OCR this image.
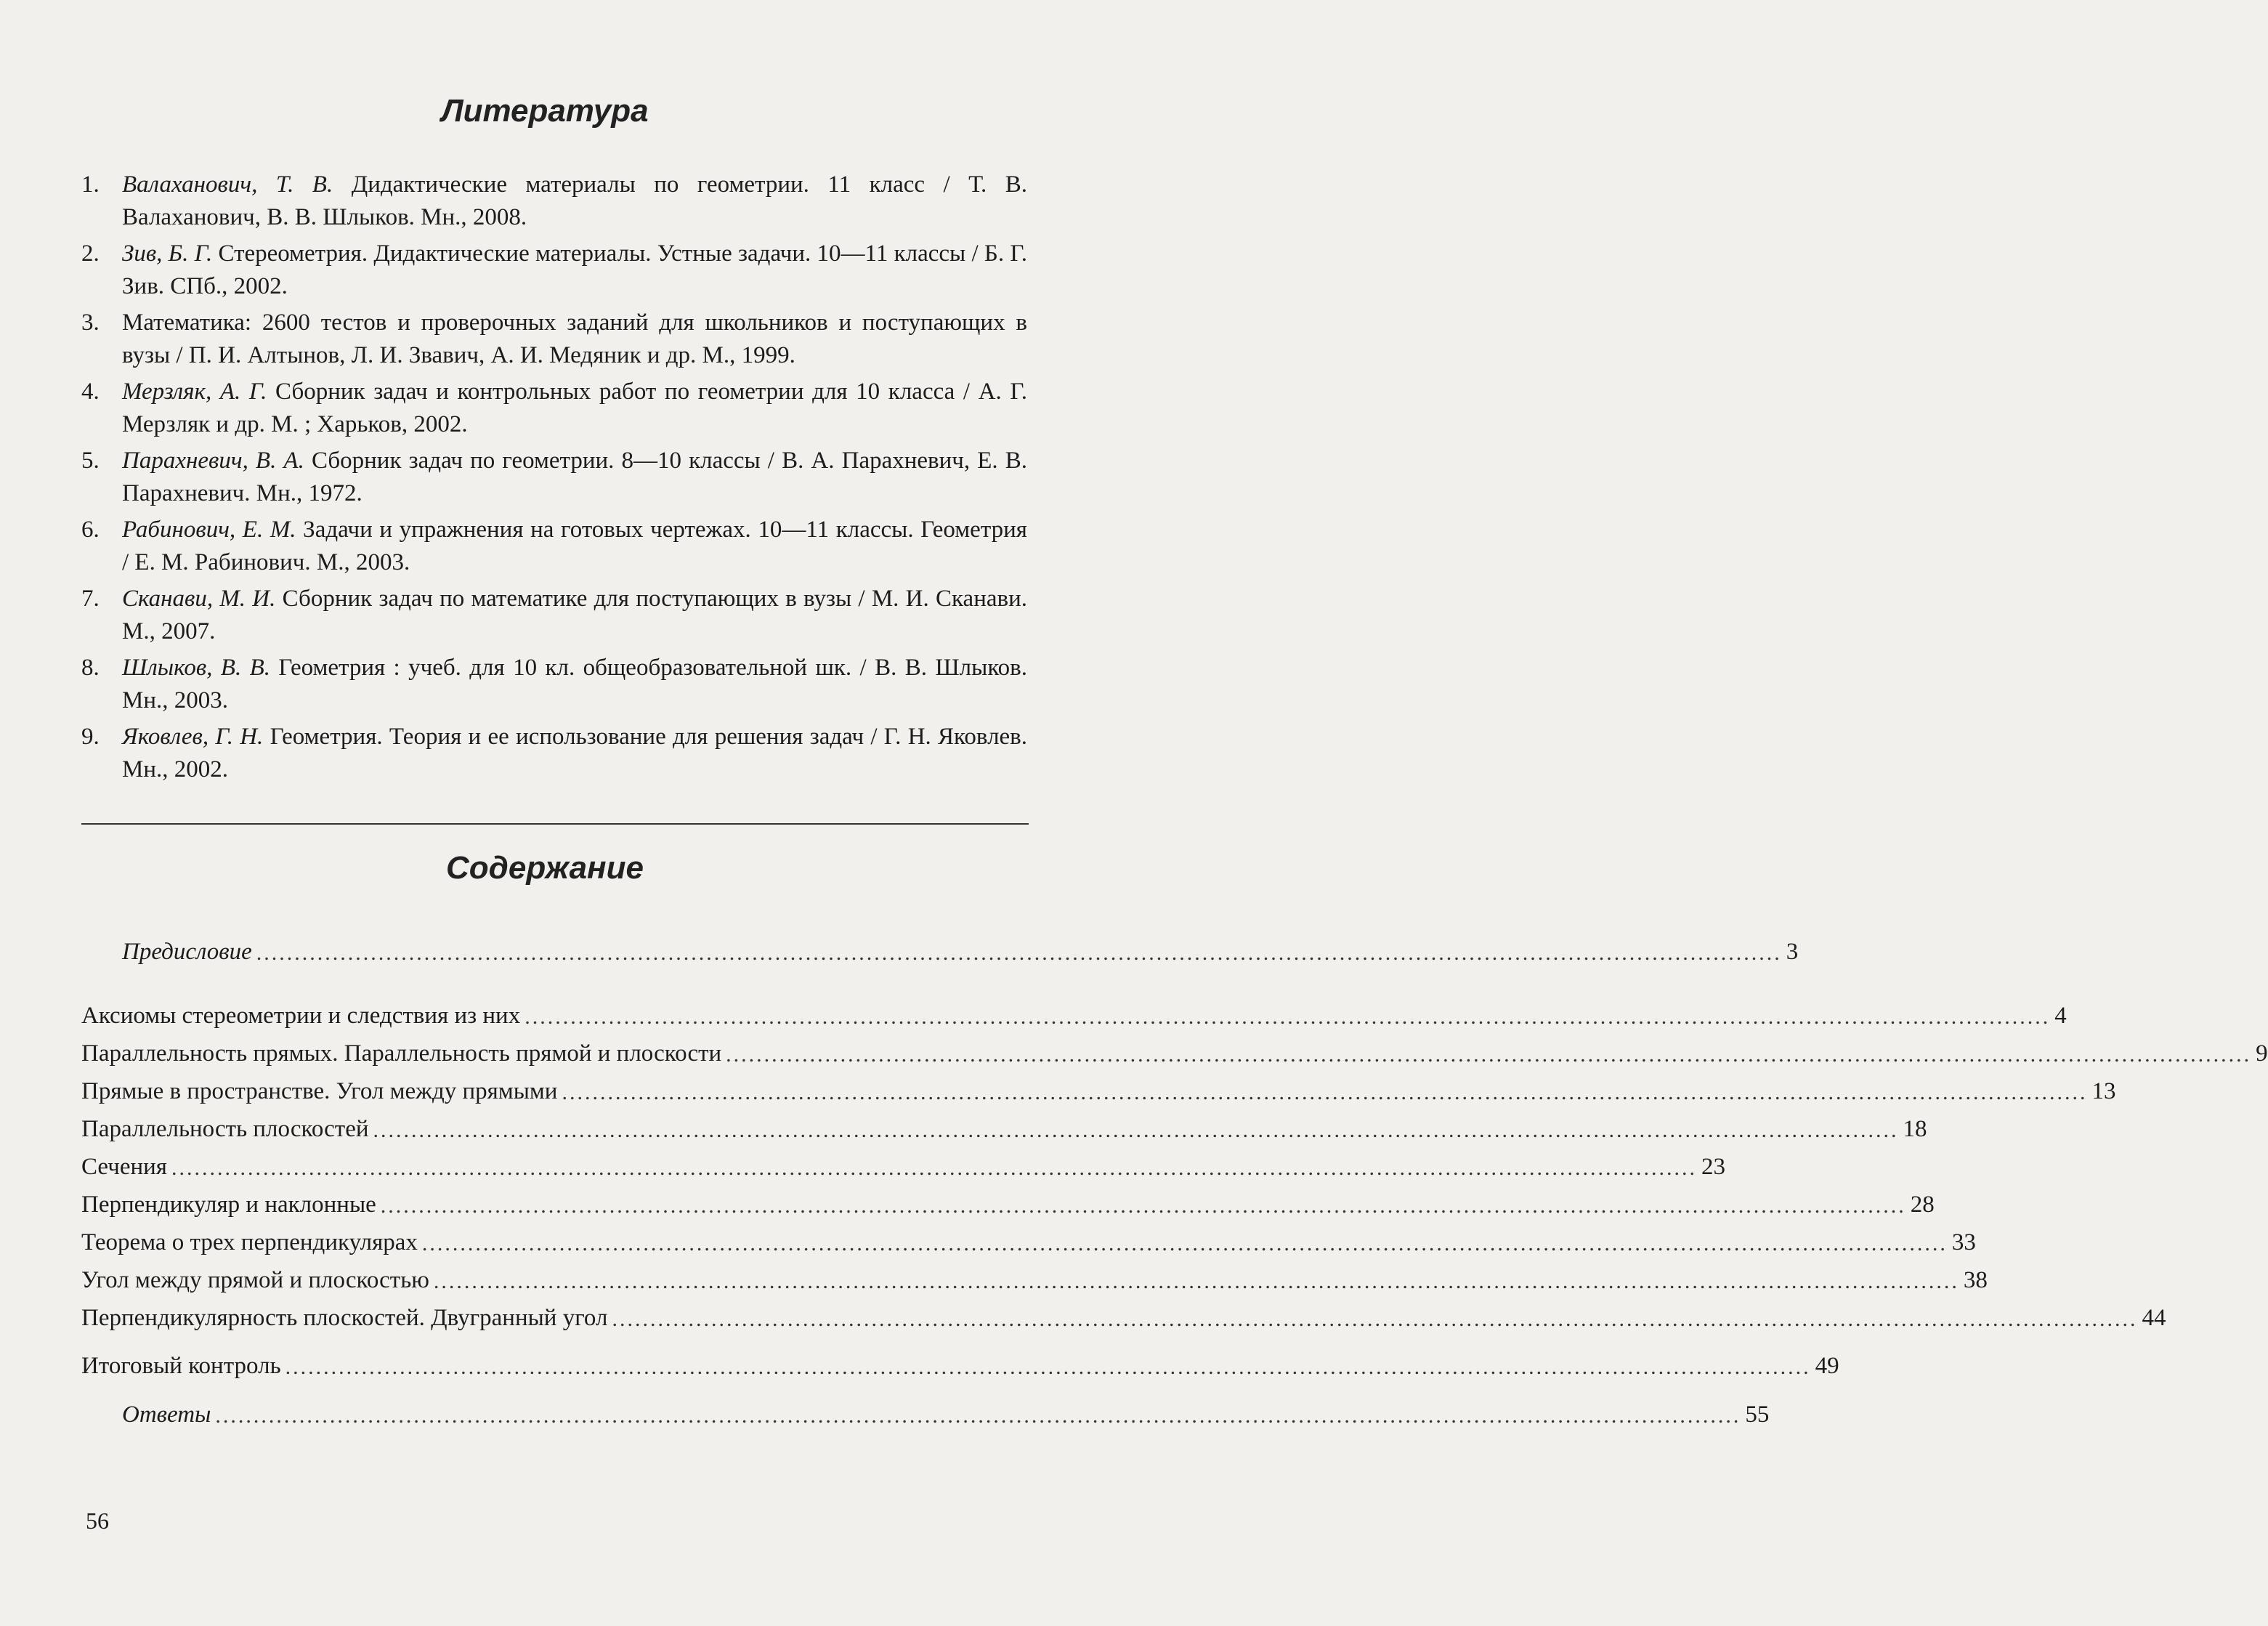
Литература
1. Валаханович, Т. В. Дидактические материалы по геометрии. 11 класс / Т. В. Валаханович, В. В. Шлыков. Мн., 2008.
2. Зив, Б. Г. Стереометрия. Дидактические материалы. Устные задачи. 10—11 классы / Б. Г. Зив. СПб., 2002.
3. Математика: 2600 тестов и проверочных заданий для школьников и поступающих в вузы / П. И. Алтынов, Л. И. Звавич, А. И. Медяник и др. М., 1999.
4. Мерзляк, А. Г. Сборник задач и контрольных работ по геометрии для 10 класса / А. Г. Мерзляк и др. М. ; Харьков, 2002.
5. Парахневич, В. А. Сборник задач по геометрии. 8—10 классы / В. А. Парахневич, Е. В. Парахневич. Мн., 1972.
6. Рабинович, Е. М. Задачи и упражнения на готовых чертежах. 10—11 классы. Геометрия / Е. М. Рабинович. М., 2003.
7. Сканави, М. И. Сборник задач по математике для поступающих в вузы / М. И. Сканави. М., 2007.
8. Шлыков, В. В. Геометрия : учеб. для 10 кл. общеобразовательной шк. / В. В. Шлыков. Мн., 2003.
9. Яковлев, Г. Н. Геометрия. Теория и ее использование для решения задач / Г. Н. Яковлев. Мн., 2002.
Содержание
Предисловие ........................................................................................................................................................................................................ 3
Аксиомы стереометрии и следствия из них ........................................................................................................................................................................................................ 4
Параллельность прямых. Параллельность прямой и плоскости ........................................................................................................................................................................................................ 9
Прямые в пространстве. Угол между прямыми ........................................................................................................................................................................................................ 13
Параллельность плоскостей ........................................................................................................................................................................................................ 18
Сечения ........................................................................................................................................................................................................ 23
Перпендикуляр и наклонные ........................................................................................................................................................................................................ 28
Теорема о трех перпендикулярах ........................................................................................................................................................................................................ 33
Угол между прямой и плоскостью ........................................................................................................................................................................................................ 38
Перпендикулярность плоскостей. Двугранный угол ........................................................................................................................................................................................................ 44
Итоговый контроль ........................................................................................................................................................................................................ 49
Ответы ........................................................................................................................................................................................................ 55
56
